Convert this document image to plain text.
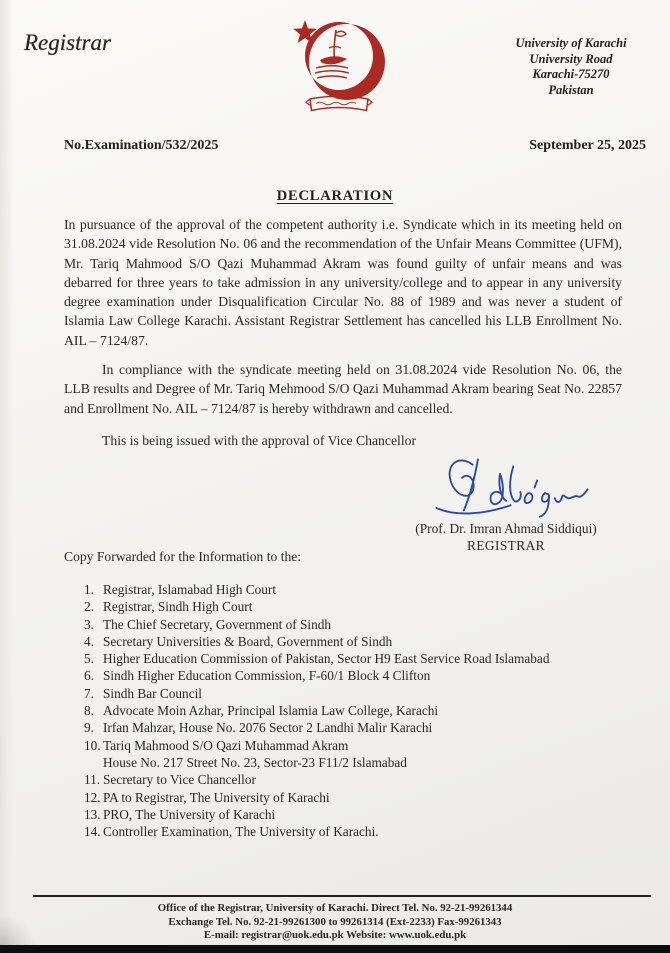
Registrar	University of Karachi
University Road
Karachi-75270
Pakistan
No.Examination/532/2025	September 25, 2025
DECLARATION

In pursuance of the approval of the competent authority i.e. Syndicate which in its meeting held on 31.08.2024 vide Resolution No. 06 and the recommendation of the Unfair Means Committee (UFM), Mr. Tariq Mahmood S/O Qazi Muhammad Akram was found guilty of unfair means and was debarred for three years to take admission in any university/college and to appear in any university degree examination under Disqualification Circular No. 88 of 1989 and was never a student of Islamia Law College Karachi. Assistant Registrar Settlement has cancelled his LLB Enrollment No. AIL – 7124/87.

In compliance with the syndicate meeting held on 31.08.2024 vide Resolution No. 06, the LLB results and Degree of Mr. Tariq Mehmood S/O Qazi Muhammad Akram bearing Seat No. 22857 and Enrollment No. AIL – 7124/87 is hereby withdrawn and cancelled.

This is being issued with the approval of Vice Chancellor

(Prof. Dr. Imran Ahmad Siddiqui)
REGISTRAR
Copy Forwarded for the Information to the:
1. Registrar, Islamabad High Court
2. Registrar, Sindh High Court
3. The Chief Secretary, Government of Sindh
4. Secretary Universities & Board, Government of Sindh
5. Higher Education Commission of Pakistan, Sector H9 East Service Road Islamabad
6. Sindh Higher Education Commission, F-60/1 Block 4 Clifton
7. Sindh Bar Council
8. Advocate Moin Azhar, Principal Islamia Law College, Karachi
9. Irfan Mahzar, House No. 2076 Sector 2 Landhi Malir Karachi
10. Tariq Mahmood S/O Qazi Muhammad Akram
House No. 217 Street No. 23, Sector-23 F11/2 Islamabad
11. Secretary to Vice Chancellor
12. PA to Registrar, The University of Karachi
13. PRO, The University of Karachi
14. Controller Examination, The University of Karachi.
Office of the Registrar, University of Karachi. Direct Tel. No. 92-21-99261344
Exchange Tel. No. 92-21-99261300 to 99261314 (Ext-2233) Fax-99261343
E-mail: registrar@uok.edu.pk Website: www.uok.edu.pk
